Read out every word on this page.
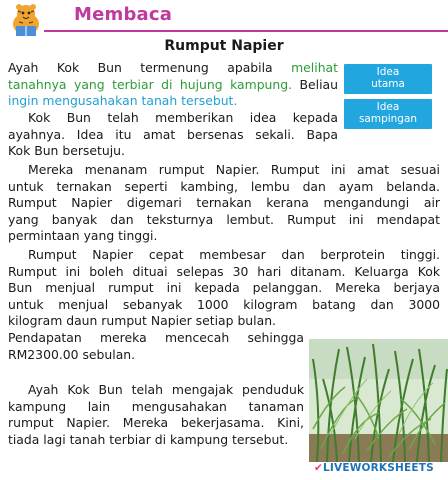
Membaca
Rumput Napier
Idea
utama
Idea
sampingan
Ayah Kok Bun termenung apabila melihat
tanahnya yang terbiar di hujung kampung. Beliau
ingin mengusahakan tanah tersebut.
Kok Bun telah memberikan idea kepada
ayahnya. Idea itu amat bersenas sekali. Bapa
Kok Bun bersetuju.
Mereka menanam rumput Napier. Rumput ini amat sesuai
untuk ternakan seperti kambing, lembu dan ayam belanda.
Rumput Napier digemari ternakan kerana mengandungi air
yang banyak dan teksturnya lembut. Rumput ini mendapat
permintaan yang tinggi.
Rumput Napier cepat membesar dan berprotein tinggi.
Rumput ini boleh dituai selepas 30 hari ditanam. Keluarga Kok
Bun menjual rumput ini kepada pelanggan. Mereka berjaya
untuk menjual sebanyak 1000 kilogram batang dan 3000
kilogram daun rumput Napier setiap bulan.
Pendapatan mereka mencecah sehingga
RM2300.00 sebulan.
Ayah Kok Bun telah mengajak penduduk
kampung lain mengusahakan tanaman
rumput Napier. Mereka bekerjasama. Kini,
tiada lagi tanah terbiar di kampung tersebut.
✔LIVEWORKSHEETS
